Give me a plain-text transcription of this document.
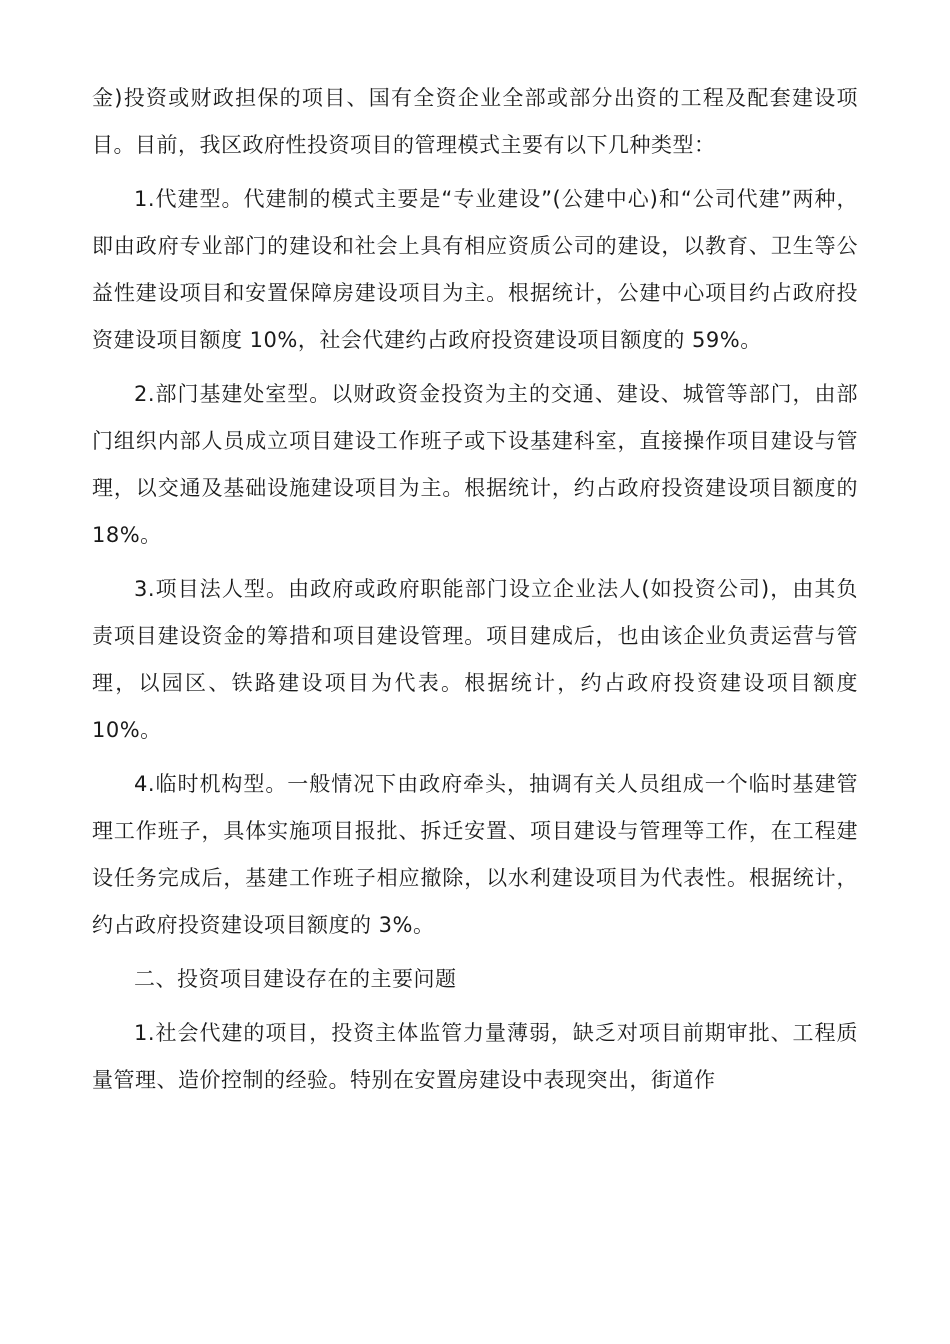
金)投资或财政担保的项目、国有全资企业全部或部分出资的工程及配套建设项目。目前，我区政府性投资项目的管理模式主要有以下几种类型：

1.代建型。代建制的模式主要是“专业建设”(公建中心)和“公司代建”两种，即由政府专业部门的建设和社会上具有相应资质公司的建设，以教育、卫生等公益性建设项目和安置保障房建设项目为主。根据统计，公建中心项目约占政府投资建设项目额度 10%，社会代建约占政府投资建设项目额度的 59%。

2.部门基建处室型。以财政资金投资为主的交通、建设、城管等部门，由部门组织内部人员成立项目建设工作班子或下设基建科室，直接操作项目建设与管理，以交通及基础设施建设项目为主。根据统计，约占政府投资建设项目额度的 18%。

3.项目法人型。由政府或政府职能部门设立企业法人(如投资公司)，由其负责项目建设资金的筹措和项目建设管理。项目建成后，也由该企业负责运营与管理，以园区、铁路建设项目为代表。根据统计，约占政府投资建设项目额度 10%。

4.临时机构型。一般情况下由政府牵头，抽调有关人员组成一个临时基建管理工作班子，具体实施项目报批、拆迁安置、项目建设与管理等工作，在工程建设任务完成后，基建工作班子相应撤除，以水利建设项目为代表性。根据统计，约占政府投资建设项目额度的 3%。

二、投资项目建设存在的主要问题

1.社会代建的项目，投资主体监管力量薄弱，缺乏对项目前期审批、工程质量管理、造价控制的经验。特别在安置房建设中表现突出，街道作
